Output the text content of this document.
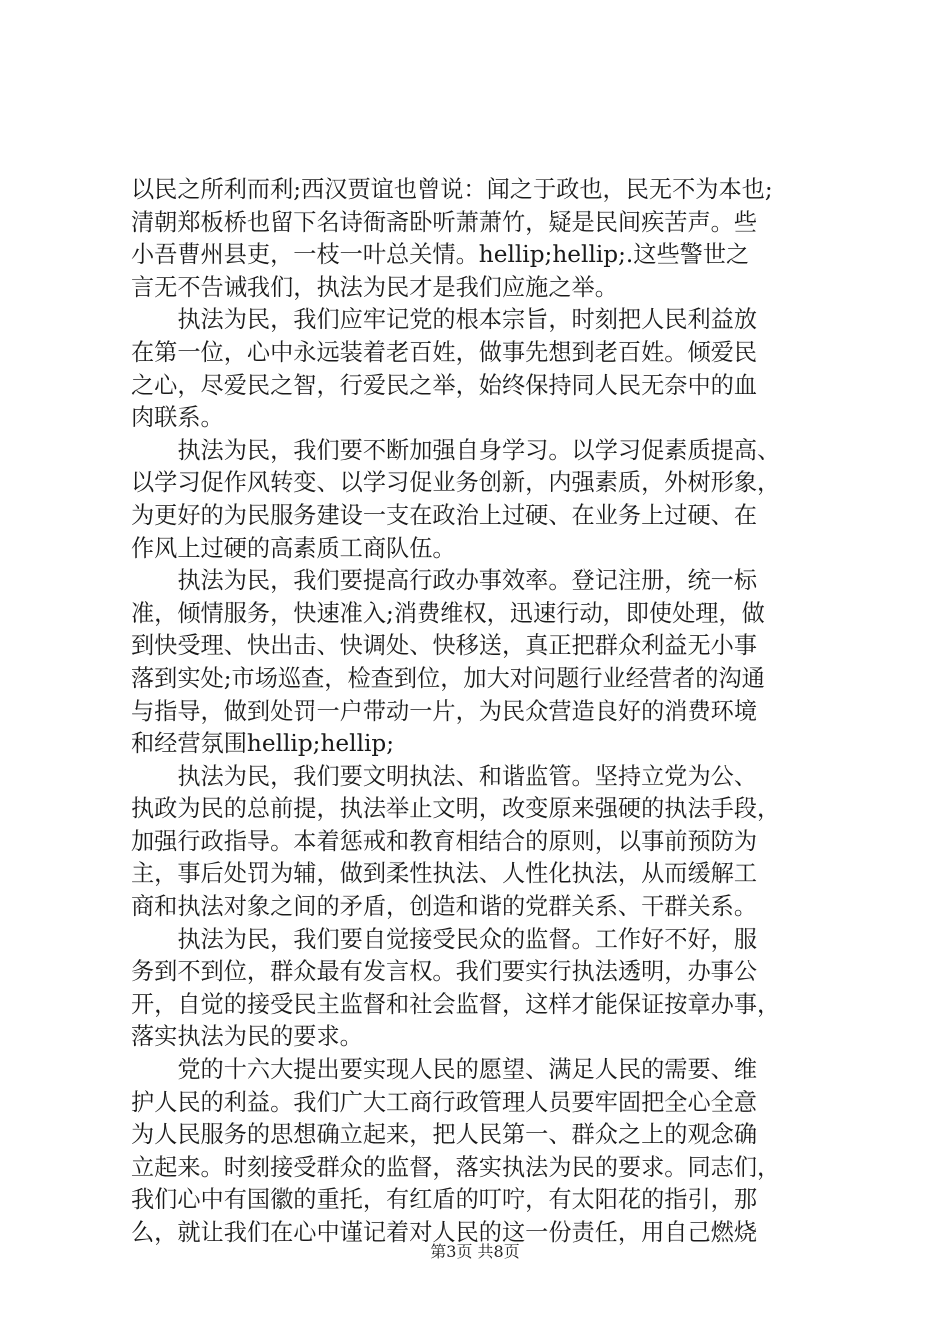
以民之所利而利;西汉贾谊也曾说：闻之于政也，民无不为本也;
清朝郑板桥也留下名诗衙斋卧听萧萧竹，疑是民间疾苦声。些
小吾曹州县吏，一枝一叶总关情。hellip;hellip;.这些警世之
言无不告诫我们，执法为民才是我们应施之举。
　　执法为民，我们应牢记党的根本宗旨，时刻把人民利益放
在第一位，心中永远装着老百姓，做事先想到老百姓。倾爱民
之心，尽爱民之智，行爱民之举，始终保持同人民无奈中的血
肉联系。
　　执法为民，我们要不断加强自身学习。以学习促素质提高、
以学习促作风转变、以学习促业务创新，内强素质，外树形象，
为更好的为民服务建设一支在政治上过硬、在业务上过硬、在
作风上过硬的高素质工商队伍。
　　执法为民，我们要提高行政办事效率。登记注册，统一标
准，倾情服务，快速准入;消费维权，迅速行动，即使处理，做
到快受理、快出击、快调处、快移送，真正把群众利益无小事
落到实处;市场巡查，检查到位，加大对问题行业经营者的沟通
与指导，做到处罚一户带动一片，为民众营造良好的消费环境
和经营氛围hellip;hellip;
　　执法为民，我们要文明执法、和谐监管。坚持立党为公、
执政为民的总前提，执法举止文明，改变原来强硬的执法手段，
加强行政指导。本着惩戒和教育相结合的原则，以事前预防为
主，事后处罚为辅，做到柔性执法、人性化执法，从而缓解工
商和执法对象之间的矛盾，创造和谐的党群关系、干群关系。
　　执法为民，我们要自觉接受民众的监督。工作好不好，服
务到不到位，群众最有发言权。我们要实行执法透明，办事公
开，自觉的接受民主监督和社会监督，这样才能保证按章办事，
落实执法为民的要求。
　　党的十六大提出要实现人民的愿望、满足人民的需要、维
护人民的利益。我们广大工商行政管理人员要牢固把全心全意
为人民服务的思想确立起来，把人民第一、群众之上的观念确
立起来。时刻接受群众的监督，落实执法为民的要求。同志们，
我们心中有国徽的重托，有红盾的叮咛，有太阳花的指引，那
么，就让我们在心中谨记着对人民的这一份责任，用自己燃烧
第3页 共8页
